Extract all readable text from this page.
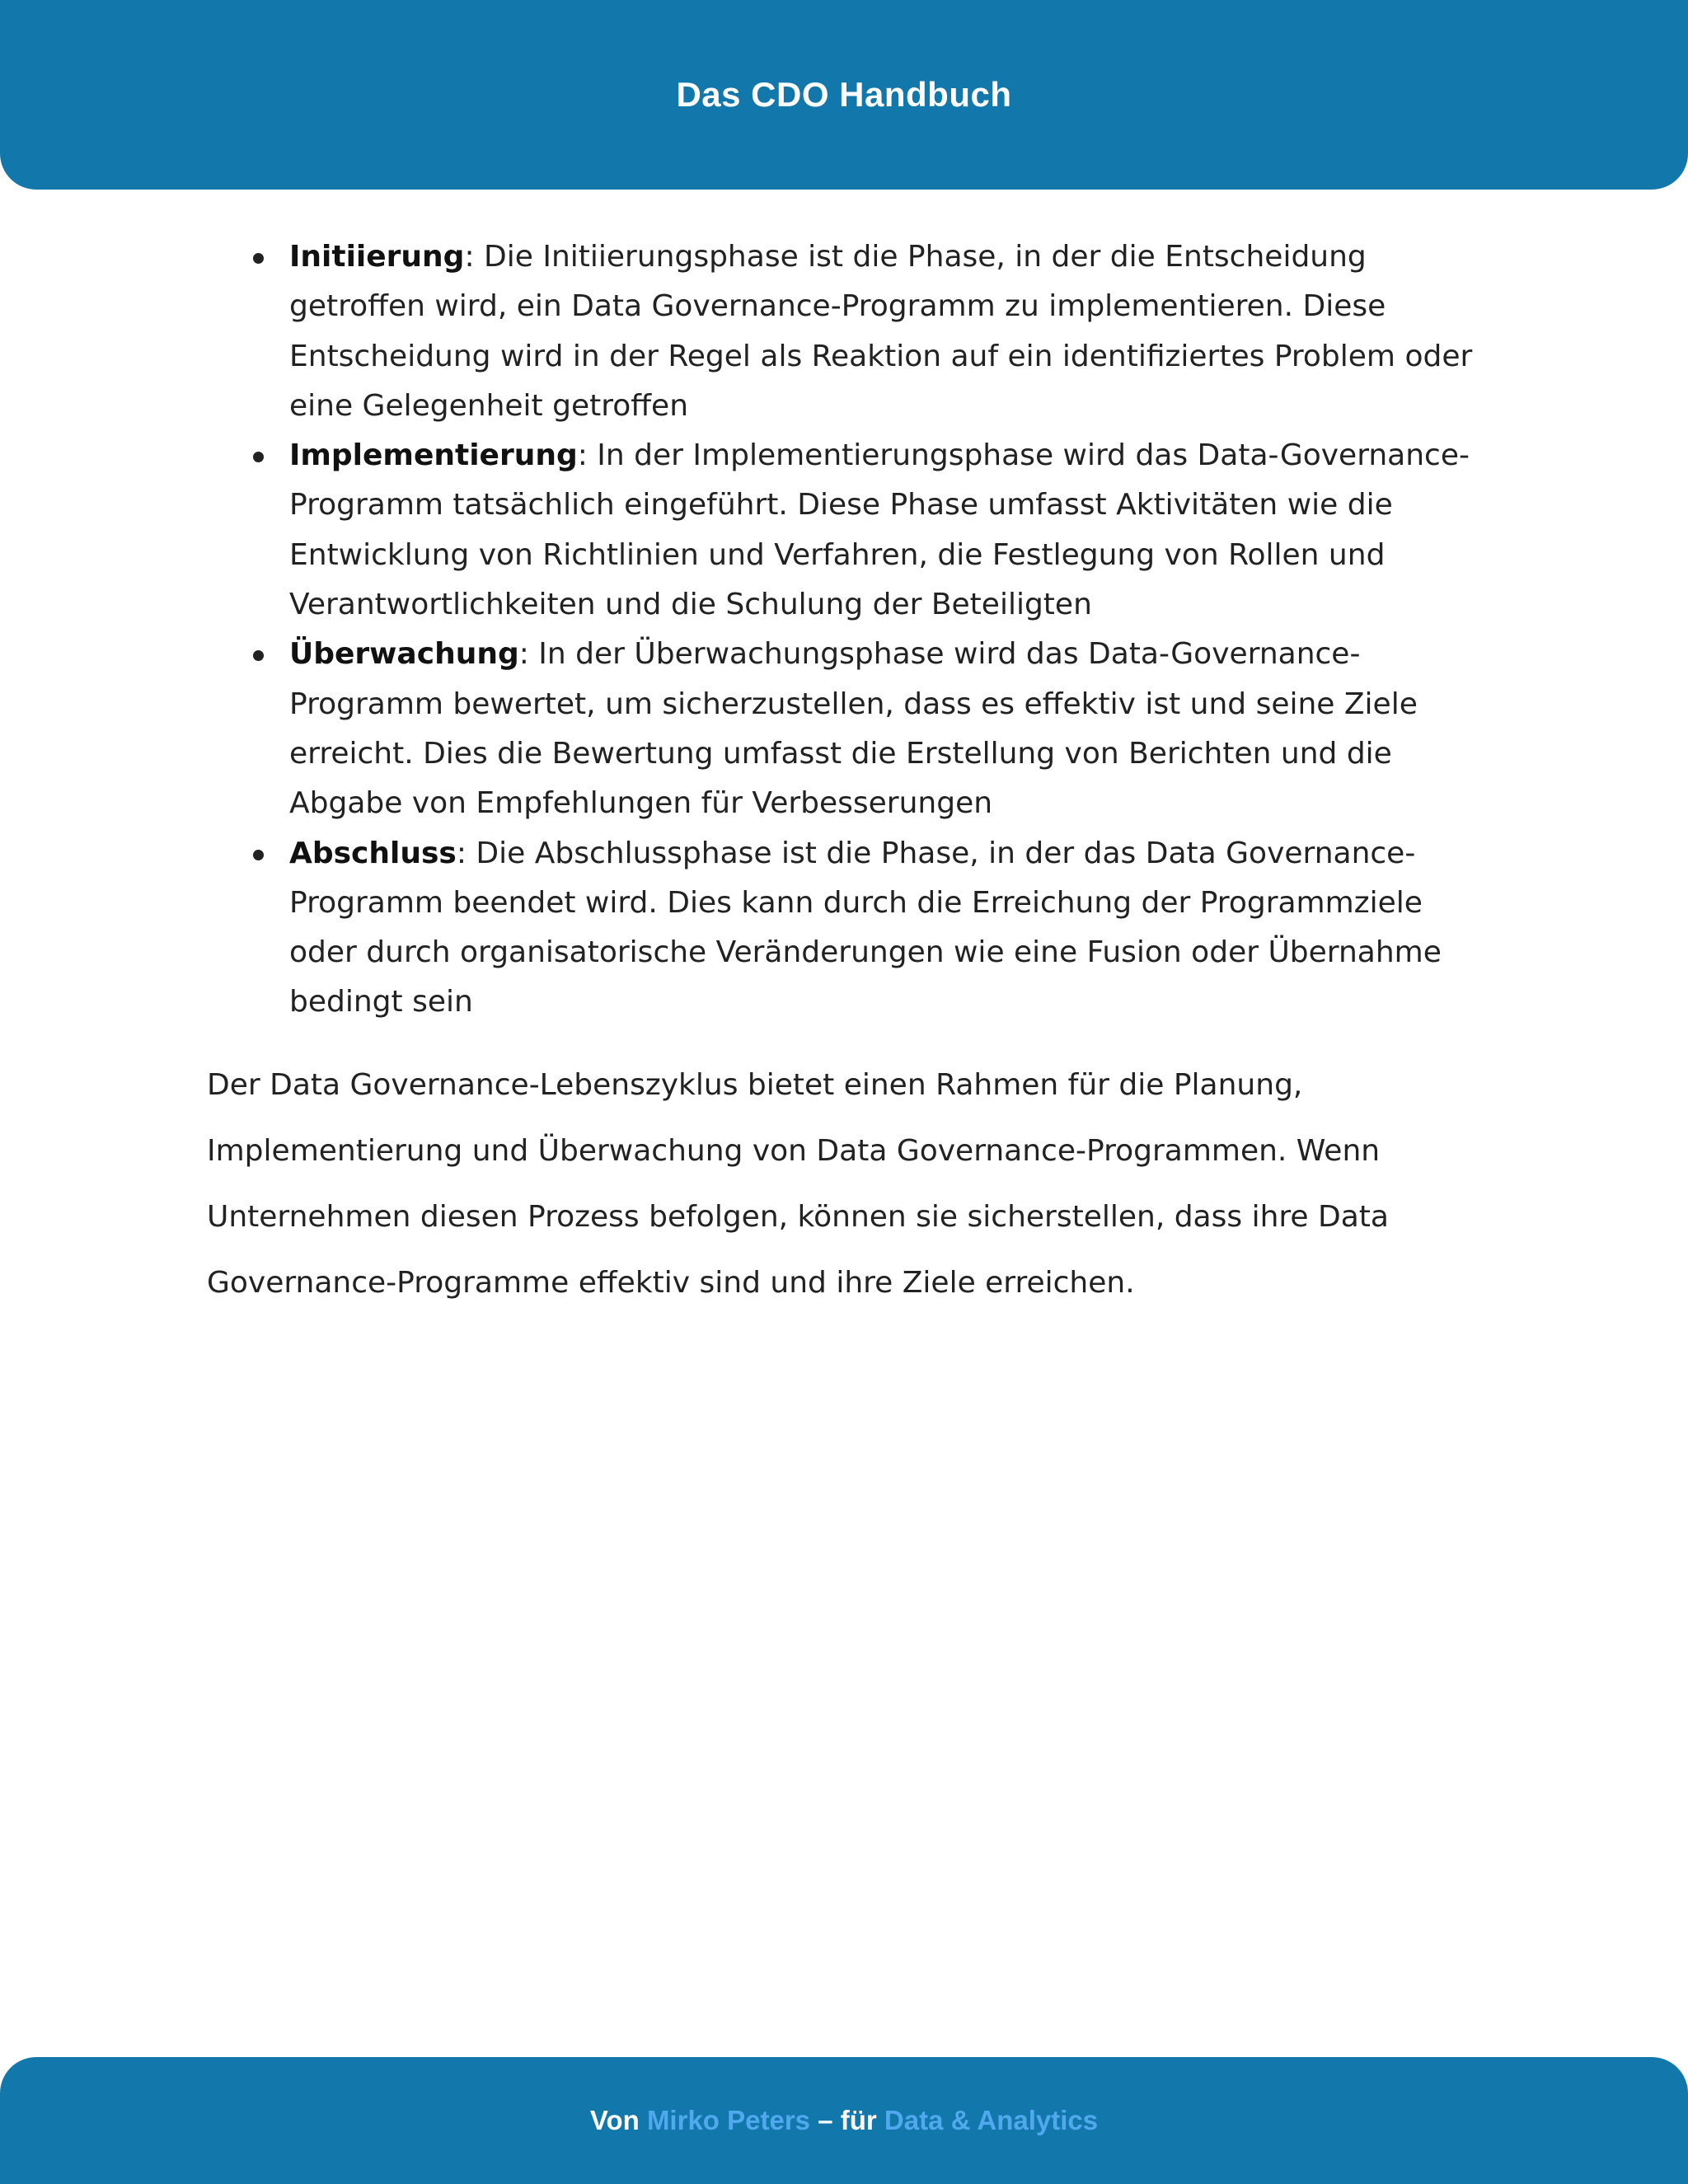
Das CDO Handbuch
Initiierung: Die Initiierungsphase ist die Phase, in der die Entscheidung getroffen wird, ein Data Governance-Programm zu implementieren. Diese Entscheidung wird in der Regel als Reaktion auf ein identifiziertes Problem oder eine Gelegenheit getroffen
Implementierung: In der Implementierungsphase wird das Data-Governance-Programm tatsächlich eingeführt. Diese Phase umfasst Aktivitäten wie die Entwicklung von Richtlinien und Verfahren, die Festlegung von Rollen und Verantwortlichkeiten und die Schulung der Beteiligten
Überwachung: In der Überwachungsphase wird das Data-Governance-Programm bewertet, um sicherzustellen, dass es effektiv ist und seine Ziele erreicht. Dies die Bewertung umfasst die Erstellung von Berichten und die Abgabe von Empfehlungen für Verbesserungen
Abschluss: Die Abschlussphase ist die Phase, in der das Data Governance-Programm beendet wird. Dies kann durch die Erreichung der Programmziele oder durch organisatorische Veränderungen wie eine Fusion oder Übernahme bedingt sein

Der Data Governance-Lebenszyklus bietet einen Rahmen für die Planung, Implementierung und Überwachung von Data Governance-Programmen. Wenn Unternehmen diesen Prozess befolgen, können sie sicherstellen, dass ihre Data Governance-Programme effektiv sind und ihre Ziele erreichen.

Von Mirko Peters – für Data & Analytics
